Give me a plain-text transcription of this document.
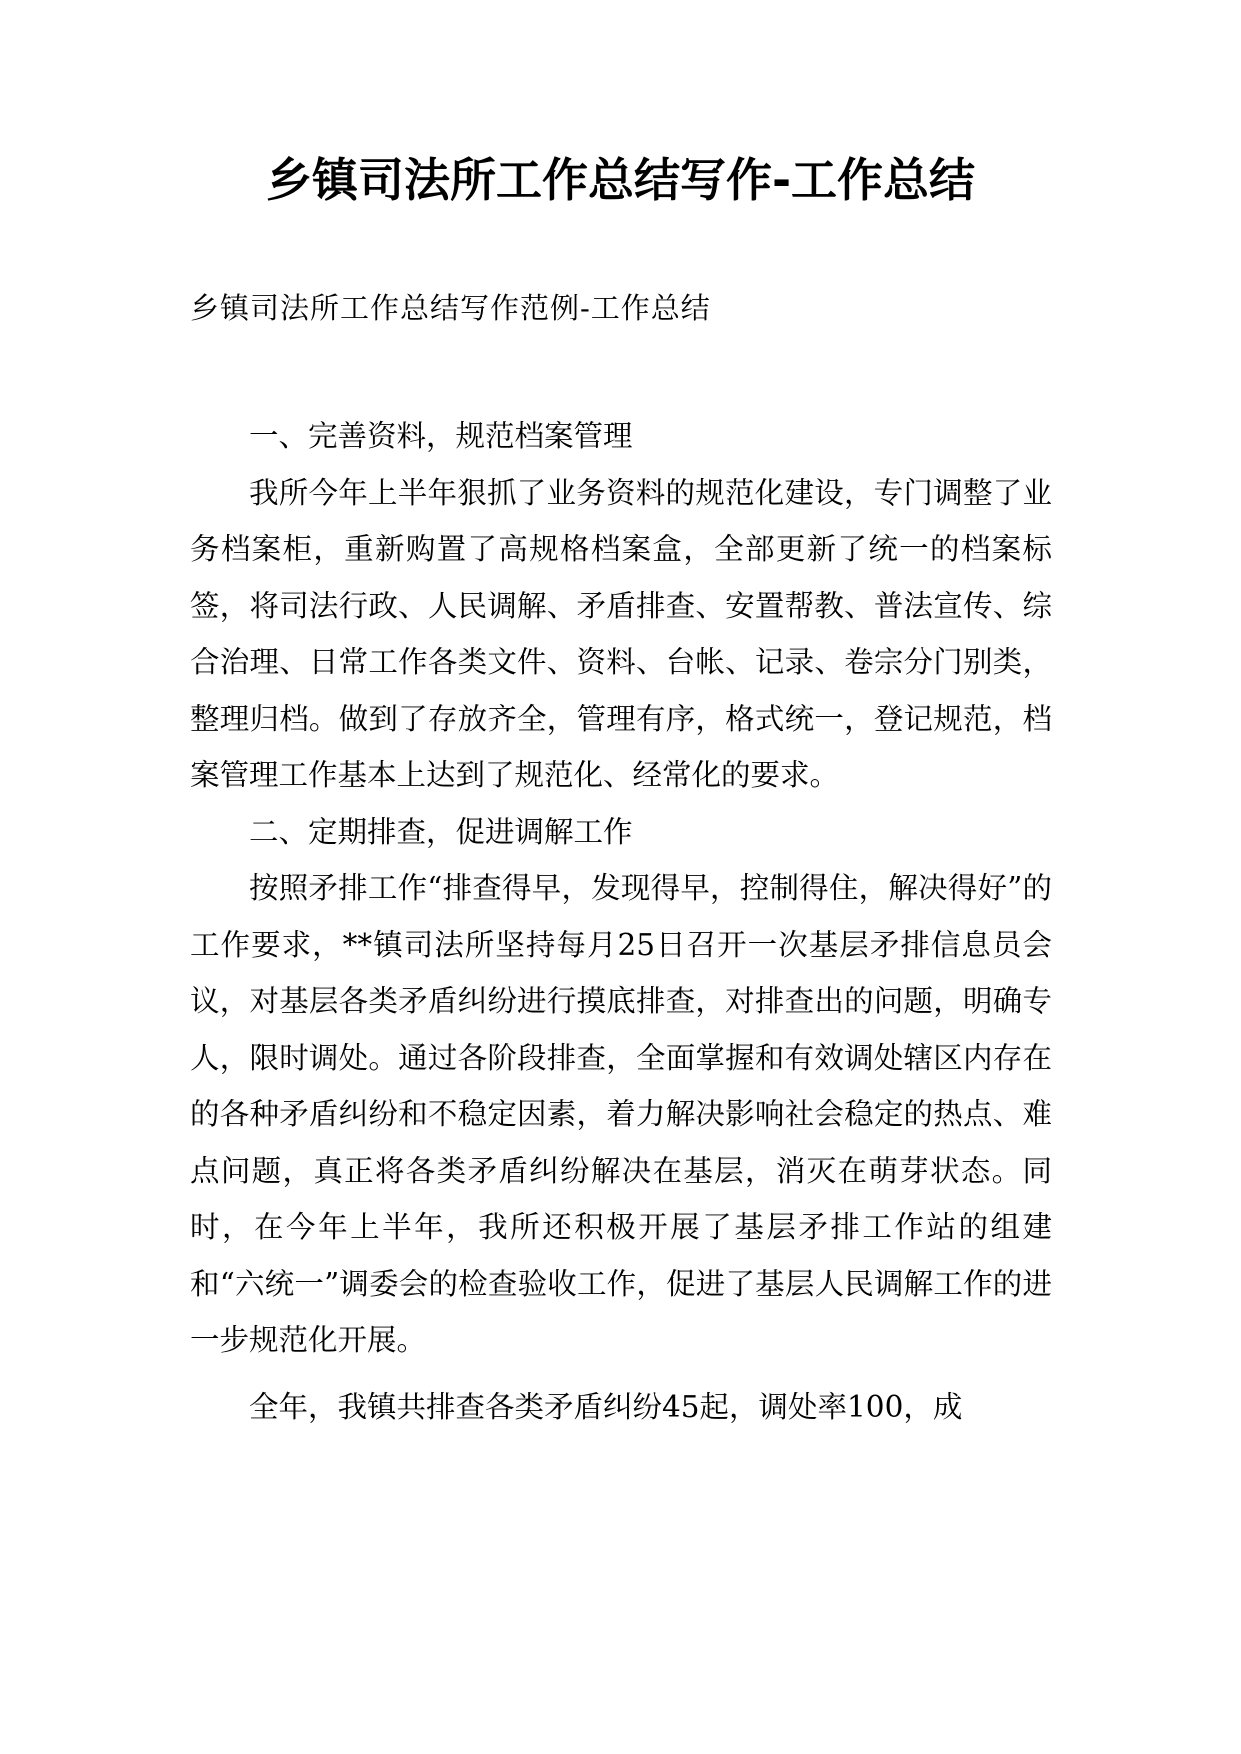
乡镇司法所工作总结写作-工作总结

乡镇司法所工作总结写作范例-工作总结

一、完善资料，规范档案管理

我所今年上半年狠抓了业务资料的规范化建设，专门调整了业务档案柜，重新购置了高规格档案盒，全部更新了统一的档案标签，将司法行政、人民调解、矛盾排查、安置帮教、普法宣传、综合治理、日常工作各类文件、资料、台帐、记录、卷宗分门别类，整理归档。做到了存放齐全，管理有序，格式统一，登记规范，档案管理工作基本上达到了规范化、经常化的要求。

二、定期排查，促进调解工作

按照矛排工作“排查得早，发现得早，控制得住，解决得好”的工作要求，**镇司法所坚持每月25日召开一次基层矛排信息员会议，对基层各类矛盾纠纷进行摸底排查，对排查出的问题，明确专人，限时调处。通过各阶段排查，全面掌握和有效调处辖区内存在的各种矛盾纠纷和不稳定因素，着力解决影响社会稳定的热点、难点问题，真正将各类矛盾纠纷解决在基层，消灭在萌芽状态。同时，在今年上半年，我所还积极开展了基层矛排工作站的组建和“六统一”调委会的检查验收工作，促进了基层人民调解工作的进一步规范化开展。

全年，我镇共排查各类矛盾纠纷45起，调处率100，成
